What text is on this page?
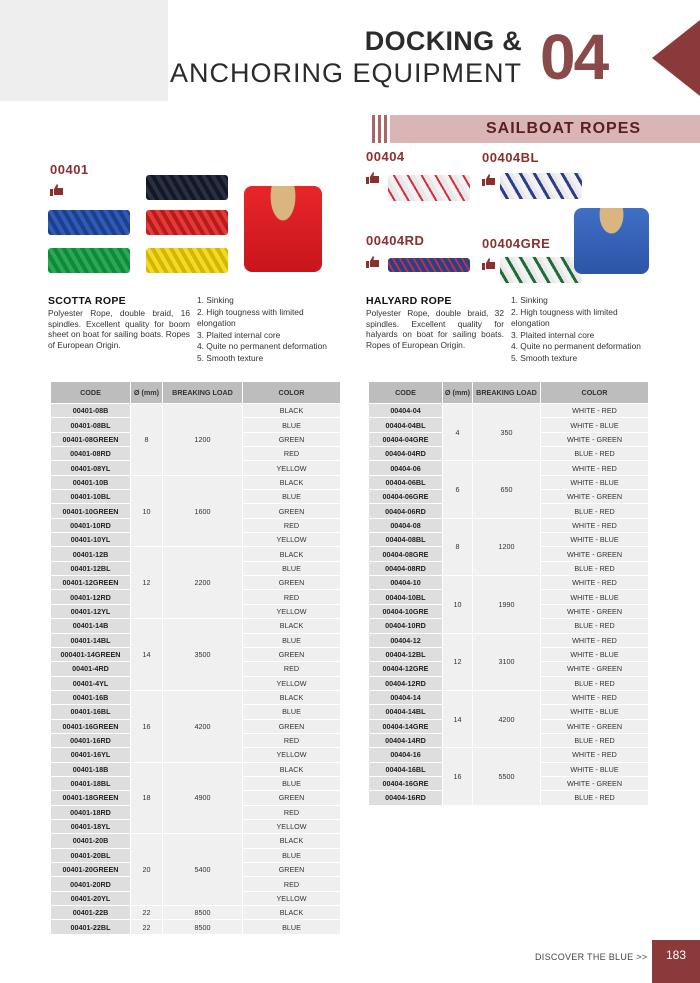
DOCKING &
ANCHORING EQUIPMENT 04
SAILBOAT ROPES
00401
SCOTTA ROPE
Polyester Rope, double braid, 16 spindles. Excellent quality for boom sheet on boat for sailing boats. Ropes of European Origin.
1. Sinking
2. High tougness with limited elongation
3. Plaited internal core
4. Quite no permanent deformation
5. Smooth texture
00404	00404BL
00404RD	00404GRE
HALYARD ROPE
Polyester Rope, double braid, 32 spindles. Excellent quality for halyards on boat for sailing boats. Ropes of European Origin.
1. Sinking
2. High tougness with limited elongation
3. Plaited internal core
4. Quite no permanent deformation
5. Smooth texture
CODE	Ø (mm)	BREAKING LOAD	COLOR
00401-08B	8	1200	BLACK
00401-08BL			BLUE
00401-08GREEN			GREEN
00401-08RD			RED
00401-08YL			YELLOW
00401-10B	10	1600	BLACK
00401-10BL			BLUE
00401-10GREEN			GREEN
00401-10RD			RED
00401-10YL			YELLOW
00401-12B	12	2200	BLACK
00401-12BL			BLUE
00401-12GREEN			GREEN
00401-12RD			RED
00401-12YL			YELLOW
00401-14B	14	3500	BLACK
00401-14BL			BLUE
000401-14GREEN			GREEN
00401-4RD			RED
00401-4YL			YELLOW
00401-16B	16	4200	BLACK
00401-16BL			BLUE
00401-16GREEN			GREEN
00401-16RD			RED
00401-16YL			YELLOW
00401-18B	18	4900	BLACK
00401-18BL			BLUE
00401-18GREEN			GREEN
00401-18RD			RED
00401-18YL			YELLOW
00401-20B	20	5400	BLACK
00401-20BL			BLUE
00401-20GREEN			GREEN
00401-20RD			RED
00401-20YL			YELLOW
00401-22B	22	8500	BLACK
00401-22BL	22	8500	BLUE
CODE	Ø (mm)	BREAKING LOAD	COLOR
00404-04	4	350	WHITE - RED
00404-04BL			WHITE - BLUE
00404-04GRE			WHITE - GREEN
00404-04RD			BLUE - RED
00404-06	6	650	WHITE - RED
00404-06BL			WHITE - BLUE
00404-06GRE			WHITE - GREEN
00404-06RD			BLUE - RED
00404-08	8	1200	WHITE - RED
00404-08BL			WHITE - BLUE
00404-08GRE			WHITE - GREEN
00404-08RD			BLUE - RED
00404-10	10	1990	WHITE - RED
00404-10BL			WHITE - BLUE
00404-10GRE			WHITE - GREEN
00404-10RD			BLUE - RED
00404-12	12	3100	WHITE - RED
00404-12BL			WHITE - BLUE
00404-12GRE			WHITE - GREEN
00404-12RD			BLUE - RED
00404-14	14	4200	WHITE - RED
00404-14BL			WHITE - BLUE
00404-14GRE			WHITE - GREEN
00404-14RD			BLUE - RED
00404-16	16	5500	WHITE - RED
00404-16BL			WHITE - BLUE
00404-16GRE			WHITE - GREEN
00404-16RD			BLUE - RED
DISCOVER THE BLUE >>	183
